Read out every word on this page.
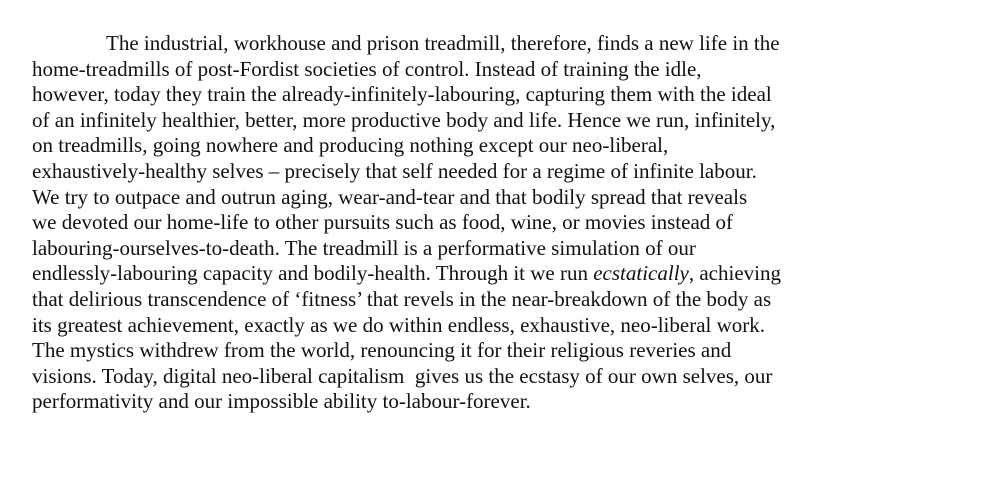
The industrial, workhouse and prison treadmill, therefore, finds a new life in the
home-treadmills of post-Fordist societies of control. Instead of training the idle,
however, today they train the already-infinitely-labouring, capturing them with the ideal
of an infinitely healthier, better, more productive body and life. Hence we run, infinitely,
on treadmills, going nowhere and producing nothing except our neo-liberal,
exhaustively-healthy selves – precisely that self needed for a regime of infinite labour.
We try to outpace and outrun aging, wear-and-tear and that bodily spread that reveals
we devoted our home-life to other pursuits such as food, wine, or movies instead of
labouring-ourselves-to-death. The treadmill is a performative simulation of our
endlessly-labouring capacity and bodily-health. Through it we run ecstatically, achieving
that delirious transcendence of ‘fitness’ that revels in the near-breakdown of the body as
its greatest achievement, exactly as we do within endless, exhaustive, neo-liberal work.
The mystics withdrew from the world, renouncing it for their religious reveries and
visions. Today, digital neo-liberal capitalism  gives us the ecstasy of our own selves, our
performativity and our impossible ability to-labour-forever.
